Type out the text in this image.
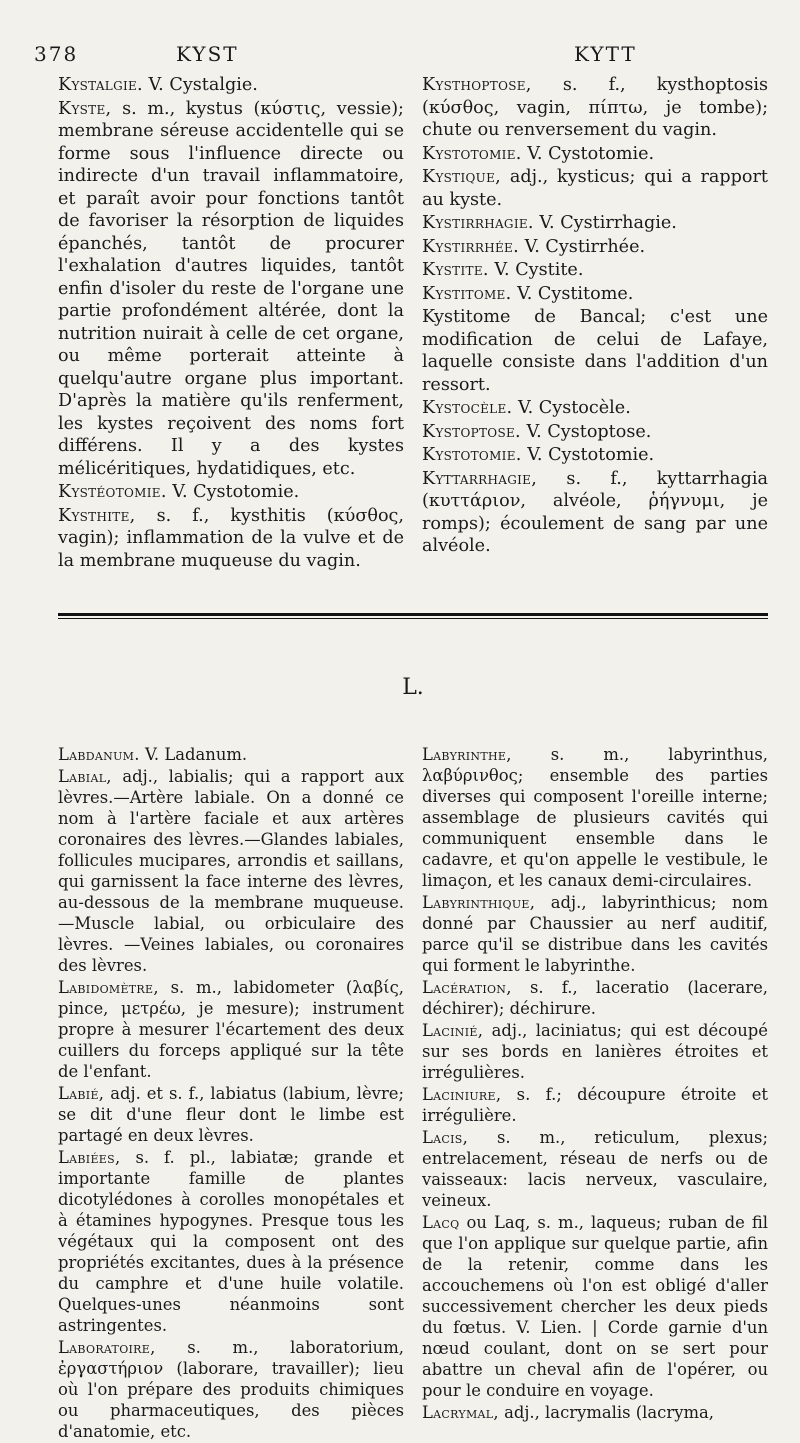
378	KYST	KYTT

Kystalgie. V. Cystalgie.

Kyste, s. m., kystus (κύστις, vessie); membrane séreuse accidentelle qui se forme sous l'influence directe ou indirecte d'un travail inflammatoire, et paraît avoir pour fonctions tantôt de favoriser la résorption de liquides épanchés, tantôt de procurer l'exhalation d'autres liquides, tantôt enfin d'isoler du reste de l'organe une partie profondément altérée, dont la nutrition nuirait à celle de cet organe, ou même porterait atteinte à quelqu'autre organe plus important. D'après la matière qu'ils renferment, les kystes reçoivent des noms fort différens. Il y a des kystes mélicéritiques, hydatidiques, etc.

Kystéotomie. V. Cystotomie.

Kysthite, s. f., kysthitis (κύσθος, vagin); inflammation de la vulve et de la membrane muqueuse du vagin.

Kysthoptose, s. f., kysthoptosis (κύσθος, vagin, πίπτω, je tombe); chute ou renversement du vagin.

Kystotomie. V. Cystotomie.

Kystique, adj., kysticus; qui a rapport au kyste.

Kystirrhagie. V. Cystirrhagie.

Kystirrhée. V. Cystirrhée.

Kystite. V. Cystite.

Kystitome. V. Cystitome.

Kystitome de Bancal; c'est une modification de celui de Lafaye, laquelle consiste dans l'addition d'un ressort.

Kystocèle. V. Cystocèle.

Kystoptose. V. Cystoptose.

Kystotomie. V. Cystotomie.

Kyttarrhagie, s. f., kyttarrhagia (κυττάριον, alvéole, ῥήγνυμι, je romps); écoulement de sang par une alvéole.

L.

Labdanum. V. Ladanum.

Labial, adj., labialis; qui a rapport aux lèvres.—Artère labiale. On a donné ce nom à l'artère faciale et aux artères coronaires des lèvres.—Glandes labiales, follicules mucipares, arrondis et saillans, qui garnissent la face interne des lèvres, au-dessous de la membrane muqueuse. —Muscle labial, ou orbiculaire des lèvres. —Veines labiales, ou coronaires des lèvres.

Labidomètre, s. m., labidometer (λαβίς, pince, μετρέω, je mesure); instrument propre à mesurer l'écartement des deux cuillers du forceps appliqué sur la tête de l'enfant.

Labié, adj. et s. f., labiatus (labium, lèvre; se dit d'une fleur dont le limbe est partagé en deux lèvres.

Labiées, s. f. pl., labiatæ; grande et importante famille de plantes dicotylédones à corolles monopétales et à étamines hypogynes. Presque tous les végétaux qui la composent ont des propriétés excitantes, dues à la présence du camphre et d'une huile volatile. Quelques-unes néanmoins sont astringentes.

Laboratoire, s. m., laboratorium, ἐργαστήριον (laborare, travailler); lieu où l'on prépare des produits chimiques ou pharmaceutiques, des pièces d'anatomie, etc.

Labyrinthe, s. m., labyrinthus, λαβύρινθος; ensemble des parties diverses qui composent l'oreille interne; assemblage de plusieurs cavités qui communiquent ensemble dans le cadavre, et qu'on appelle le vestibule, le limaçon, et les canaux demi-circulaires.

Labyrinthique, adj., labyrinthicus; nom donné par Chaussier au nerf auditif, parce qu'il se distribue dans les cavités qui forment le labyrinthe.

Lacération, s. f., laceratio (lacerare, déchirer); déchirure.

Lacinié, adj., laciniatus; qui est découpé sur ses bords en lanières étroites et irrégulières.

Laciniure, s. f.; découpure étroite et irrégulière.

Lacis, s. m., reticulum, plexus; entrelacement, réseau de nerfs ou de vaisseaux: lacis nerveux, vasculaire, veineux.

Lacq ou Laq, s. m., laqueus; ruban de fil que l'on applique sur quelque partie, afin de la retenir, comme dans les accouchemens où l'on est obligé d'aller successivement chercher les deux pieds du fœtus. V. Lien. | Corde garnie d'un nœud coulant, dont on se sert pour abattre un cheval afin de l'opérer, ou pour le conduire en voyage.

Lacrymal, adj., lacrymalis (lacryma,
